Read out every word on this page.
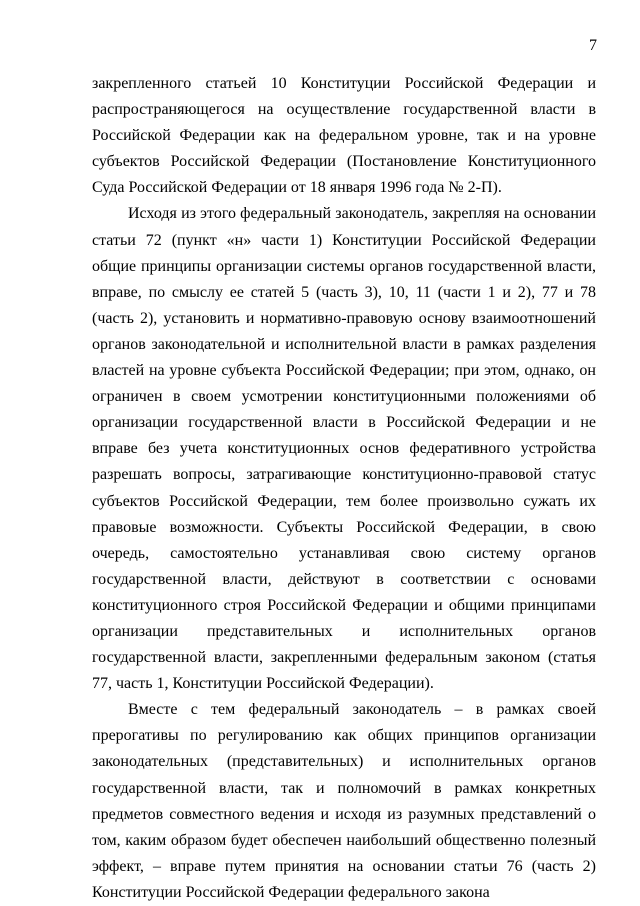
7

закрепленного статьей 10 Конституции Российской Федерации и распространяющегося на осуществление государственной власти в Российской Федерации как на федеральном уровне, так и на уровне субъектов Российской Федерации (Постановление Конституционного Суда Российской Федерации от 18 января 1996 года № 2-П).

Исходя из этого федеральный законодатель, закрепляя на основании статьи 72 (пункт «н» части 1) Конституции Российской Федерации общие принципы организации системы органов государственной власти, вправе, по смыслу ее статей 5 (часть 3), 10, 11 (части 1 и 2), 77 и 78 (часть 2), установить и нормативно-правовую основу взаимоотношений органов законодательной и исполнительной власти в рамках разделения властей на уровне субъекта Российской Федерации; при этом, однако, он ограничен в своем усмотрении конституционными положениями об организации государственной власти в Российской Федерации и не вправе без учета конституционных основ федеративного устройства разрешать вопросы, затрагивающие конституционно-правовой статус субъектов Российской Федерации, тем более произвольно сужать их правовые возможности. Субъекты Российской Федерации, в свою очередь, самостоятельно устанавливая свою систему органов государственной власти, действуют в соответствии с основами конституционного строя Российской Федерации и общими принципами организации представительных и исполнительных органов государственной власти, закрепленными федеральным законом (статья 77, часть 1, Конституции Российской Федерации).

Вместе с тем федеральный законодатель – в рамках своей прерогативы по регулированию как общих принципов организации законодательных (представительных) и исполнительных органов государственной власти, так и полномочий в рамках конкретных предметов совместного ведения и исходя из разумных представлений о том, каким образом будет обеспечен наибольший общественно полезный эффект, – вправе путем принятия на основании статьи 76 (часть 2) Конституции Российской Федерации федерального закона
